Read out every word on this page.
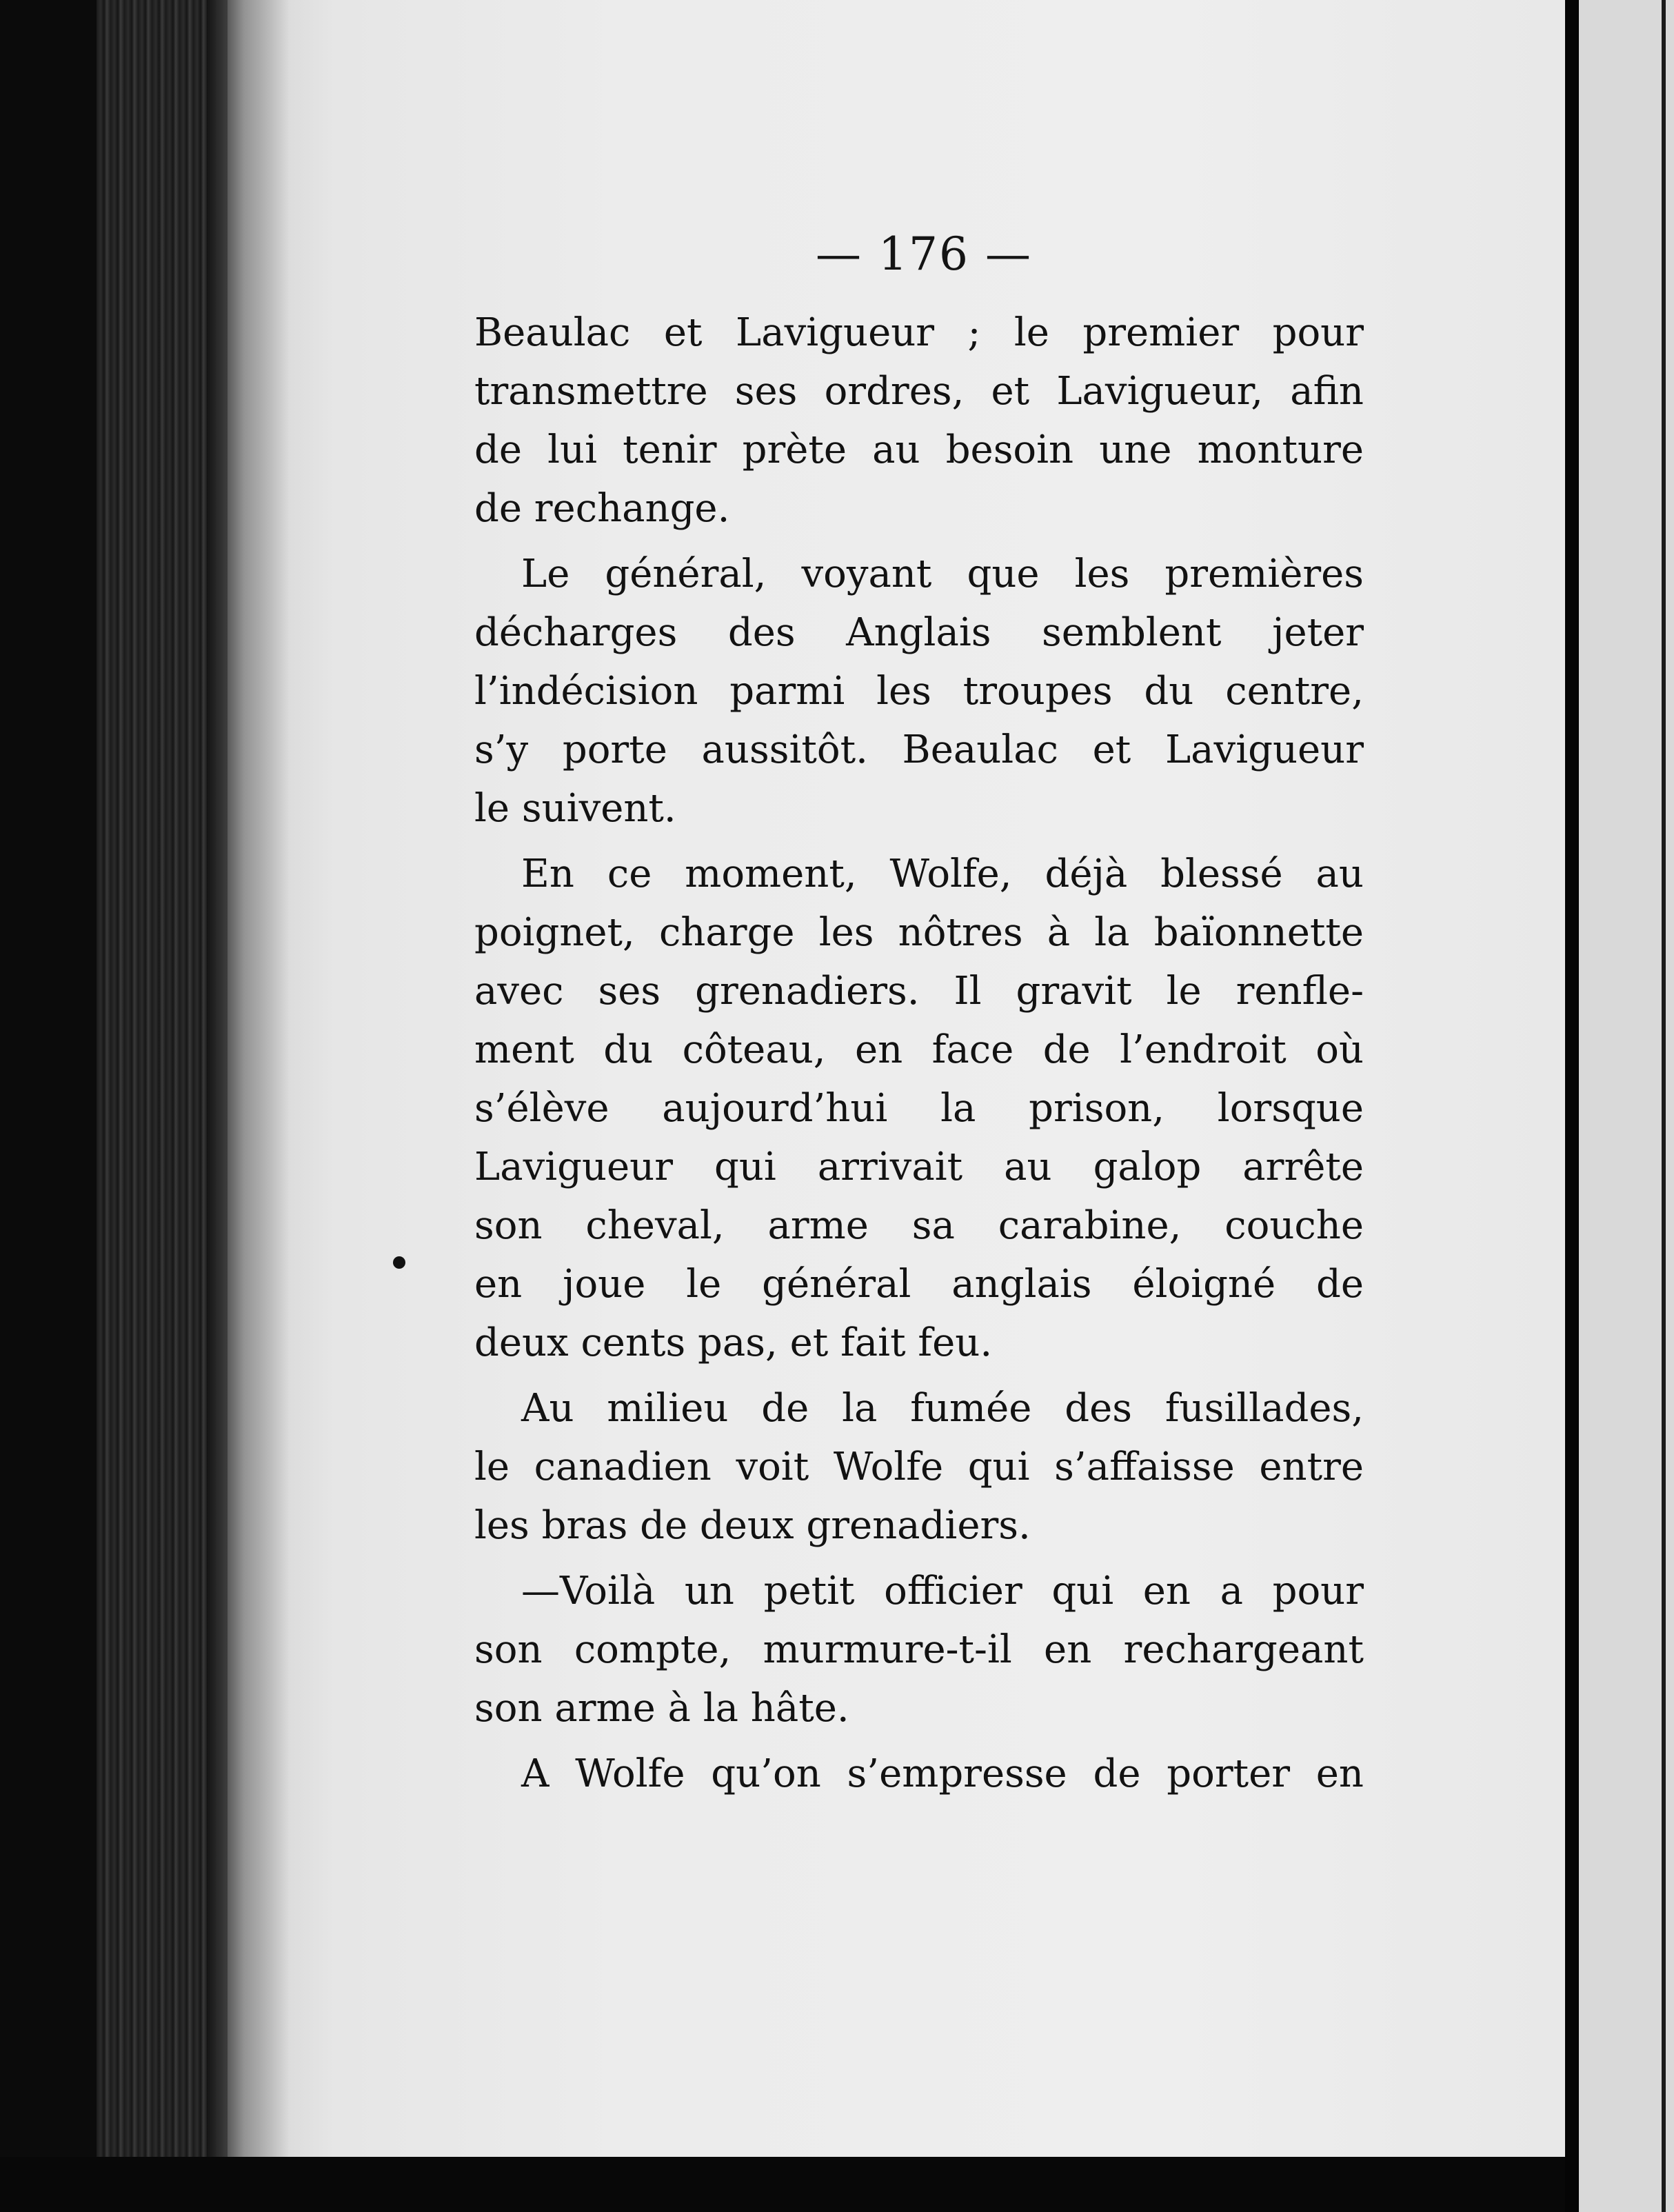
— 176 —
Beaulac et Lavigueur ; le premier pour
transmettre ses ordres, et Lavigueur, afin
de lui tenir prète au besoin une monture
de rechange.
Le général, voyant que les premières
décharges des Anglais semblent jeter
l’indécision parmi les troupes du centre,
s’y porte aussitôt. Beaulac et Lavigueur
le suivent.
En ce moment, Wolfe, déjà blessé au
poignet, charge les nôtres à la baïonnette
avec ses grenadiers. Il gravit le renfle-
ment du côteau, en face de l’endroit où
s’élève aujourd’hui la prison, lorsque
Lavigueur qui arrivait au galop arrête
son cheval, arme sa carabine, couche
en joue le général anglais éloigné de
deux cents pas, et fait feu.
Au milieu de la fumée des fusillades,
le canadien voit Wolfe qui s’affaisse entre
les bras de deux grenadiers.
—Voilà un petit officier qui en a pour
son compte, murmure-t-il en rechargeant
son arme à la hâte.
A Wolfe qu’on s’empresse de porter en
